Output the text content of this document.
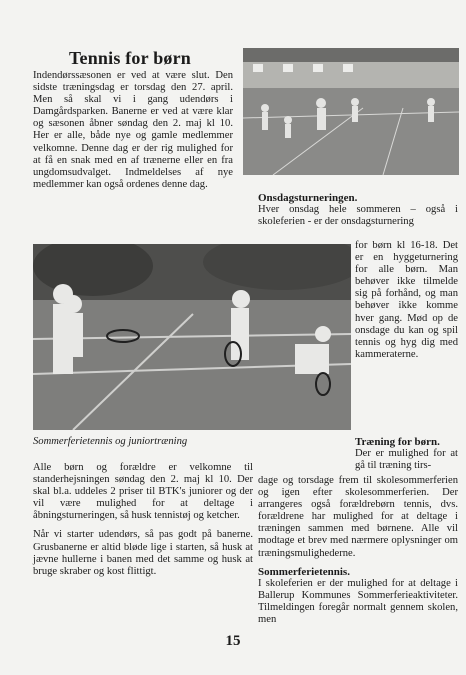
Tennis for børn

Indendørssæsonen er ved at være slut. Den sidste træningsdag er torsdag den 27. april. Men så skal vi i gang udendørs i Damgårdsparken. Banerne er ved at være klar og sæsonen åbner søndag den 2. maj kl 10. Her er alle, både nye og gamle medlemmer velkomne. Denne dag er der rig mulighed for at få en snak med en af trænerne eller en fra ungdomsudvalget. Indmeldelses af nye medlemmer kan også ordenes denne dag.

Sommerferietennis og juniortræning

Alle børn og forældre er velkomne til standerhejsningen søndag den 2. maj kl 10. Der skal bl.a. uddeles 2 priser til BTK's juniorer og der vil være mulighed for at deltage i åbningsturneringen, så husk tennistøj og ketcher.

Når vi starter udendørs, så pas godt på banerne. Grusbanerne er altid bløde lige i starten, så husk at jævne hullerne i banen med det samme og husk at bruge skraber og kost flittigt.

Onsdagsturneringen.
Hver onsdag hele sommeren – også i skoleferien - er der onsdagsturnering
for børn kl 16-18. Det er en hyggeturnering for alle børn. Man behøver ikke tilmelde sig på forhånd, og man behøver ikke komme hver gang. Mød op de onsdage du kan og spil tennis og hyg dig med kammeraterne.
Træning for børn.
Der er mulighed for at gå til træning tirs-
dage og torsdage frem til skolesommerferien og igen efter skolesommerferien. Der arrangeres også forældrebørn tennis, dvs. forældrene har mulighed for at deltage i træningen sammen med børnene. Alle vil modtage et brev med nærmere oplysninger om træningsmulighederne.
Sommerferietennis.
I skoleferien er der mulighed for at deltage i Ballerup Kommunes Sommerferieaktiviteter. Tilmeldingen foregår normalt gennem skolen, men
15
